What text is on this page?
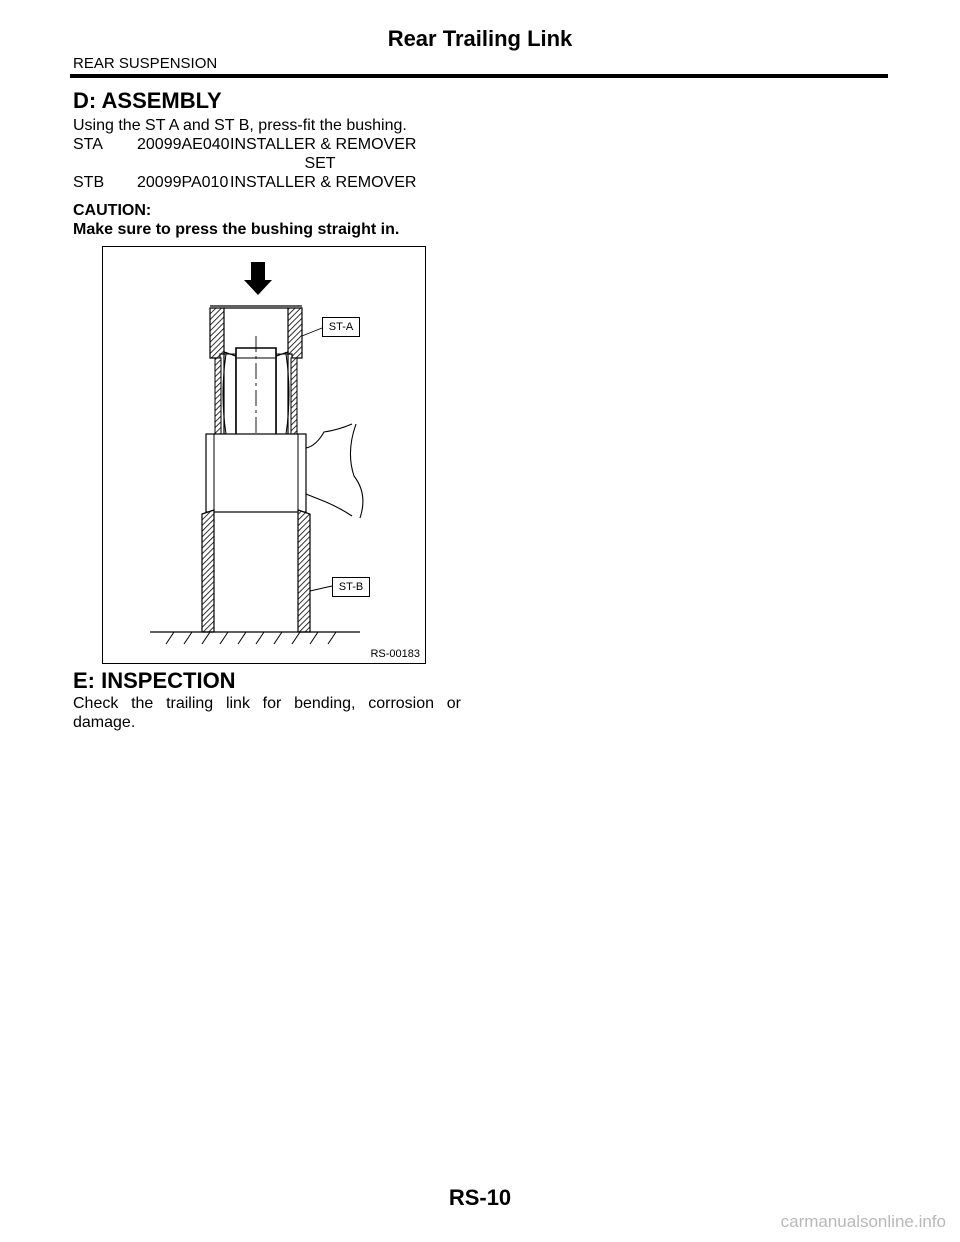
Rear Trailing Link
REAR SUSPENSION
D: ASSEMBLY
Using the ST A and ST B, press-fit the bushing.
STA 20099AE040 INSTALLER & REMOVER
SET
STB 20099PA010 INSTALLER & REMOVER
CAUTION:
Make sure to press the bushing straight in.
ST-A
ST-B
RS-00183
E: INSPECTION
Check the trailing link for bending, corrosion or damage.
RS-10
carmanualsonline.info
